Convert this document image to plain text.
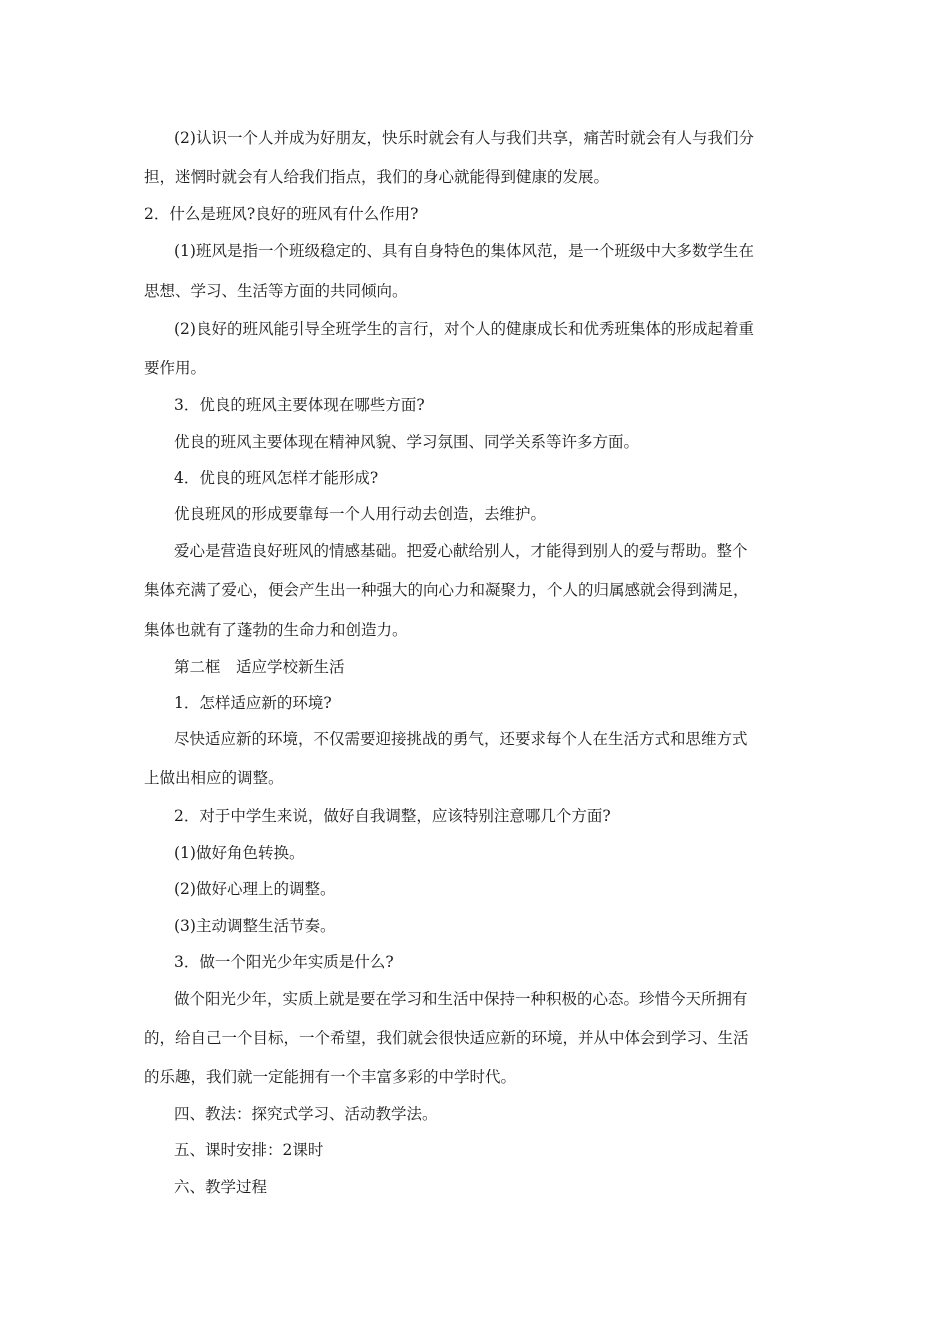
(2)认识一个人并成为好朋友，快乐时就会有人与我们共享，痛苦时就会有人与我们分
担，迷惘时就会有人给我们指点，我们的身心就能得到健康的发展。
2．什么是班风?良好的班风有什么作用?
(1)班风是指一个班级稳定的、具有自身特色的集体风范，是一个班级中大多数学生在
思想、学习、生活等方面的共同倾向。
(2)良好的班风能引导全班学生的言行，对个人的健康成长和优秀班集体的形成起着重
要作用。
3．优良的班风主要体现在哪些方面?
优良的班风主要体现在精神风貌、学习氛围、同学关系等许多方面。
4．优良的班风怎样才能形成?
优良班风的形成要靠每一个人用行动去创造，去维护。
爱心是营造良好班风的情感基础。把爱心献给别人，才能得到别人的爱与帮助。整个
集体充满了爱心，便会产生出一种强大的向心力和凝聚力，个人的归属感就会得到满足，
集体也就有了蓬勃的生命力和创造力。
第二框　适应学校新生活
1．怎样适应新的环境?
尽快适应新的环境，不仅需要迎接挑战的勇气，还要求每个人在生活方式和思维方式
上做出相应的调整。
2．对于中学生来说，做好自我调整，应该特别注意哪几个方面?
(1)做好角色转换。
(2)做好心理上的调整。
(3)主动调整生活节奏。
3．做一个阳光少年实质是什么?
做个阳光少年，实质上就是要在学习和生活中保持一种积极的心态。珍惜今天所拥有
的，给自己一个目标，一个希望，我们就会很快适应新的环境，并从中体会到学习、生活
的乐趣，我们就一定能拥有一个丰富多彩的中学时代。
四、教法：探究式学习、活动教学法。
五、课时安排：2课时
六、教学过程
